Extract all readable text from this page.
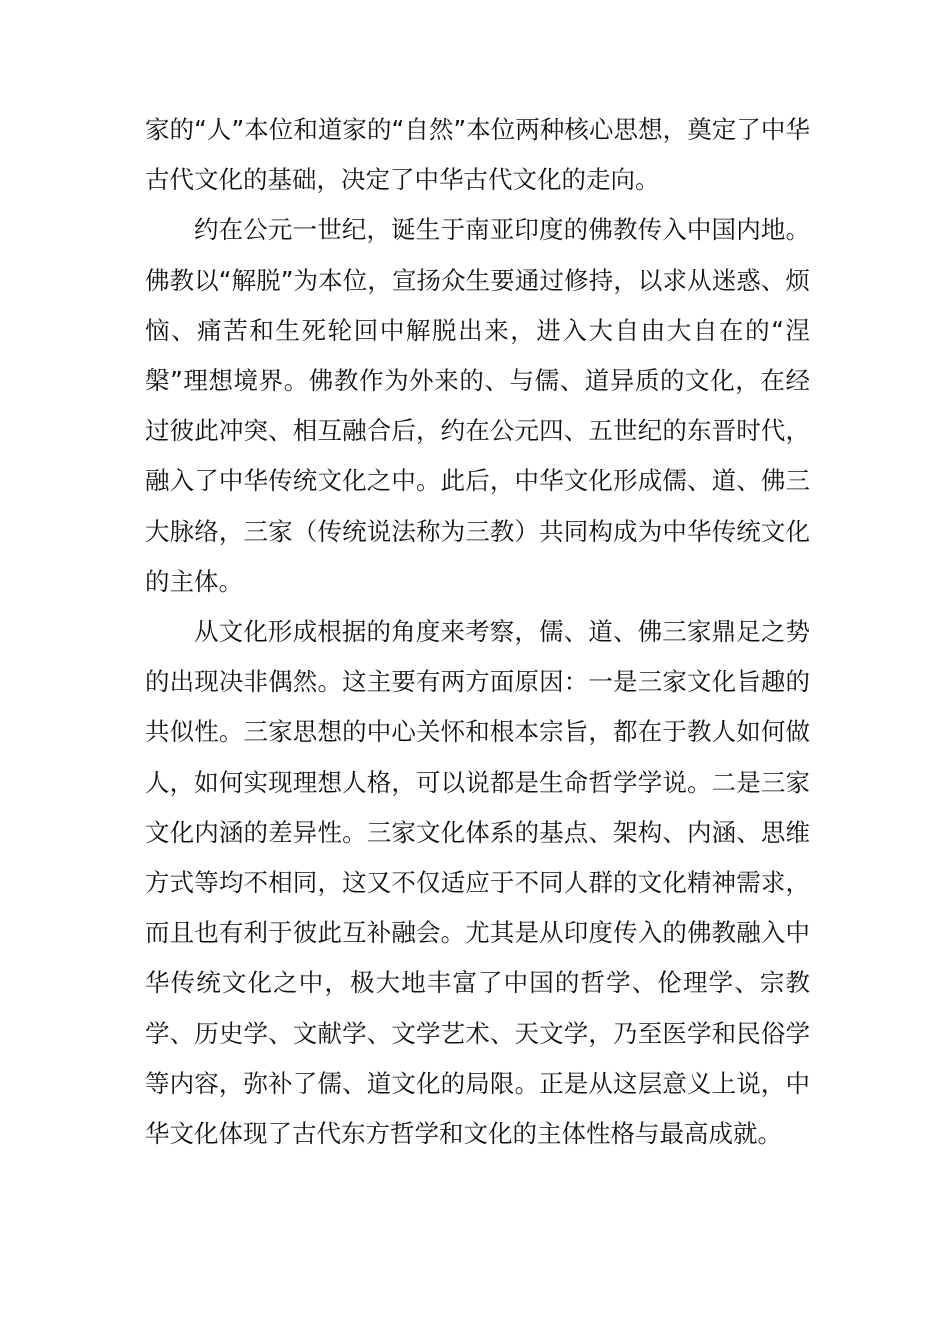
家的“人”本位和道家的“自然”本位两种核心思想，奠定了中华古代文化的基础，决定了中华古代文化的走向。

约在公元一世纪，诞生于南亚印度的佛教传入中国内地。佛教以“解脱”为本位，宣扬众生要通过修持，以求从迷惑、烦恼、痛苦和生死轮回中解脱出来，进入大自由大自在的“涅槃”理想境界。佛教作为外来的、与儒、道异质的文化，在经过彼此冲突、相互融合后，约在公元四、五世纪的东晋时代，融入了中华传统文化之中。此后，中华文化形成儒、道、佛三大脉络，三家（传统说法称为三教）共同构成为中华传统文化的主体。

从文化形成根据的角度来考察，儒、道、佛三家鼎足之势的出现决非偶然。这主要有两方面原因：一是三家文化旨趣的共似性。三家思想的中心关怀和根本宗旨，都在于教人如何做人，如何实现理想人格，可以说都是生命哲学学说。二是三家文化内涵的差异性。三家文化体系的基点、架构、内涵、思维方式等均不相同，这又不仅适应于不同人群的文化精神需求，而且也有利于彼此互补融会。尤其是从印度传入的佛教融入中华传统文化之中，极大地丰富了中国的哲学、伦理学、宗教学、历史学、文献学、文学艺术、天文学，乃至医学和民俗学等内容，弥补了儒、道文化的局限。正是从这层意义上说，中华文化体现了古代东方哲学和文化的主体性格与最高成就。
